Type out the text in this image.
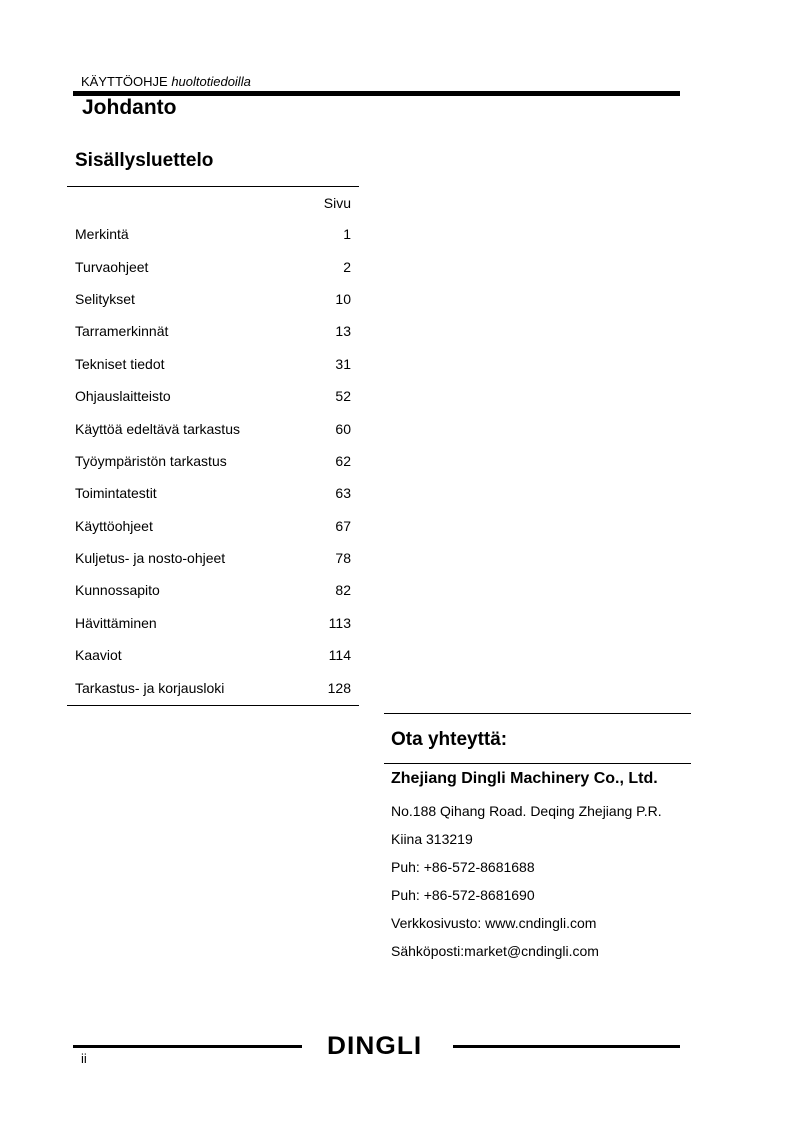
KÄYTTÖOHJE huoltotiedoilla
Johdanto
Sisällysluettelo
Sivu
Merkintä	1
Turvaohjeet	2
Selitykset	10
Tarramerkinnät	13
Tekniset tiedot	31
Ohjauslaitteisto	52
Käyttöä edeltävä tarkastus	60
Työympäristön tarkastus	62
Toimintatestit	63
Käyttöohjeet	67
Kuljetus- ja nosto-ohjeet	78
Kunnossapito	82
Hävittäminen	113
Kaaviot	114
Tarkastus- ja korjausloki	128
Ota yhteyttä:
Zhejiang Dingli Machinery Co., Ltd.
No.188 Qihang Road. Deqing Zhejiang P.R.
Kiina 313219
Puh: +86-572-8681688
Puh: +86-572-8681690
Verkkosivusto: www.cndingli.com
Sähköposti:market@cndingli.com
DINGLI
ii
